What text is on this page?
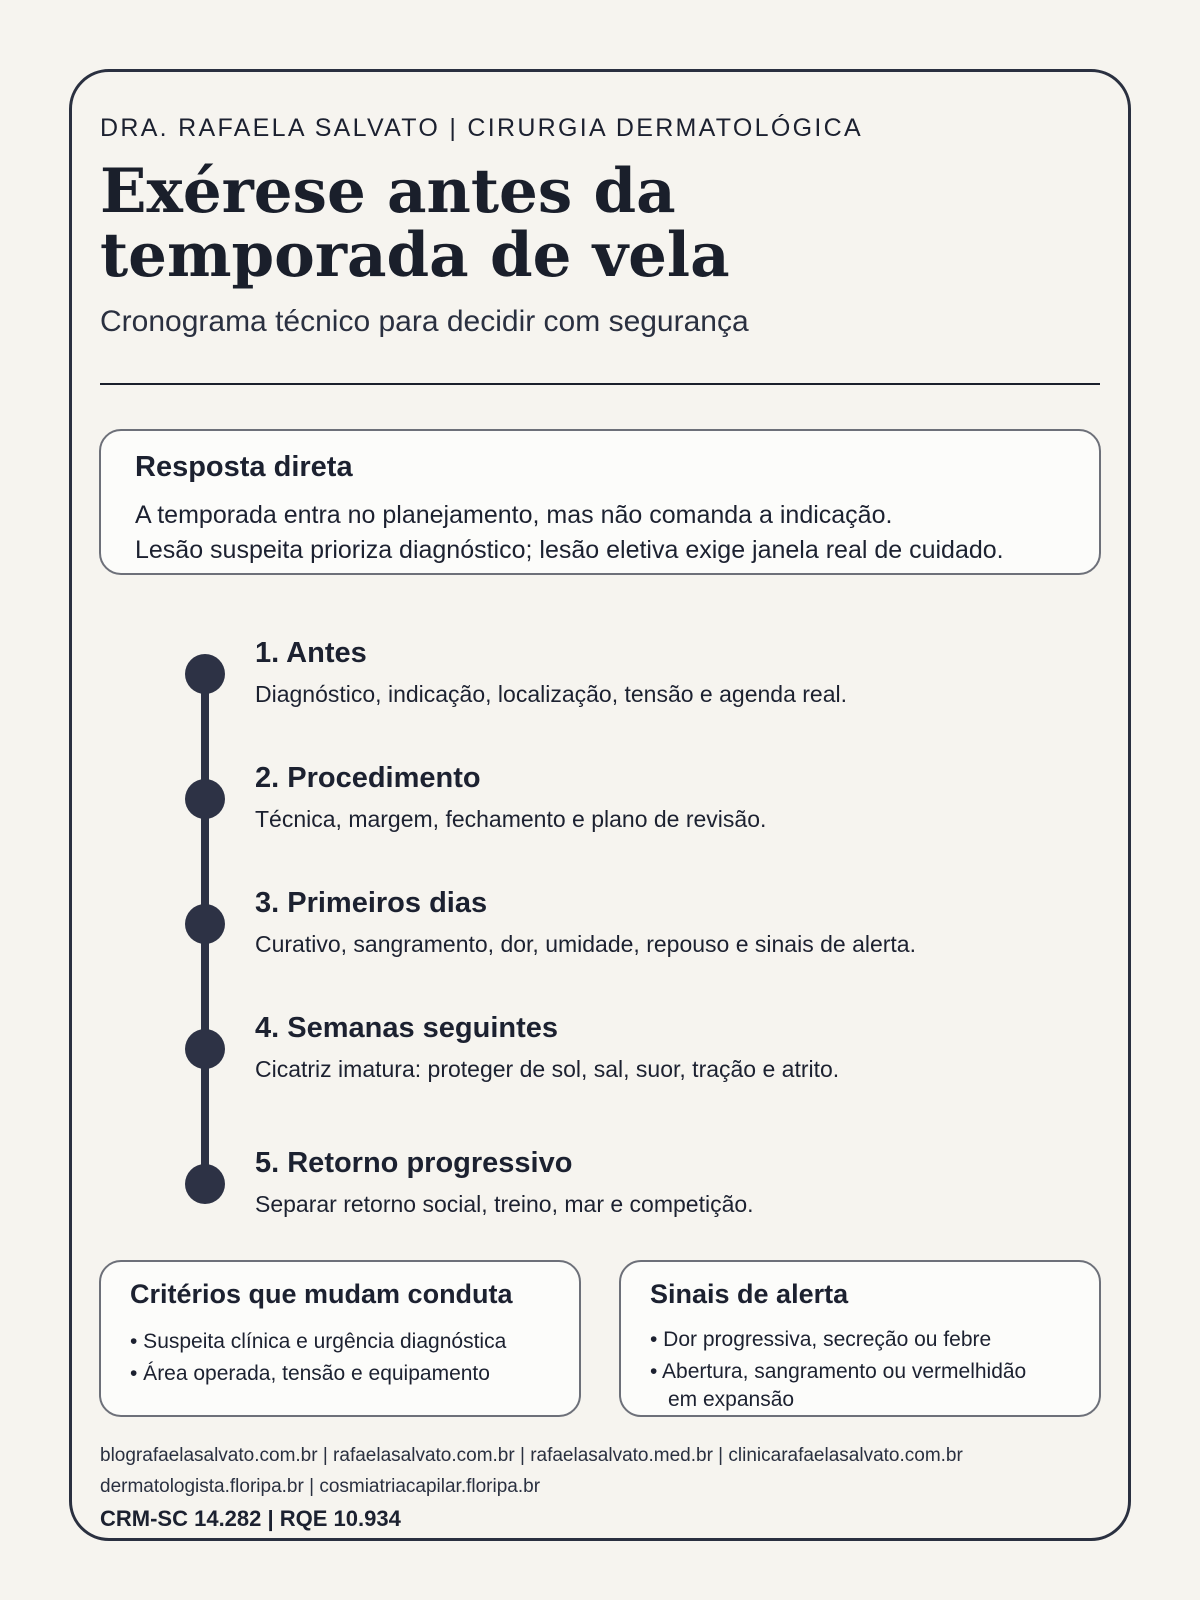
DRA. RAFAELA SALVATO | CIRURGIA DERMATOLÓGICA
Exérese antes da
temporada de vela
Cronograma técnico para decidir com segurança
Resposta direta
A temporada entra no planejamento, mas não comanda a indicação.
Lesão suspeita prioriza diagnóstico; lesão eletiva exige janela real de cuidado.
1. Antes
Diagnóstico, indicação, localização, tensão e agenda real.
2. Procedimento
Técnica, margem, fechamento e plano de revisão.
3. Primeiros dias
Curativo, sangramento, dor, umidade, repouso e sinais de alerta.
4. Semanas seguintes
Cicatriz imatura: proteger de sol, sal, suor, tração e atrito.
5. Retorno progressivo
Separar retorno social, treino, mar e competição.
Critérios que mudam conduta
• Suspeita clínica e urgência diagnóstica
• Área operada, tensão e equipamento
Sinais de alerta
• Dor progressiva, secreção ou febre
• Abertura, sangramento ou vermelhidão
em expansão
blografaelasalvato.com.br | rafaelasalvato.com.br | rafaelasalvato.med.br | clinicarafaelasalvato.com.br
dermatologista.floripa.br | cosmiatriacapilar.floripa.br
CRM-SC 14.282 | RQE 10.934
